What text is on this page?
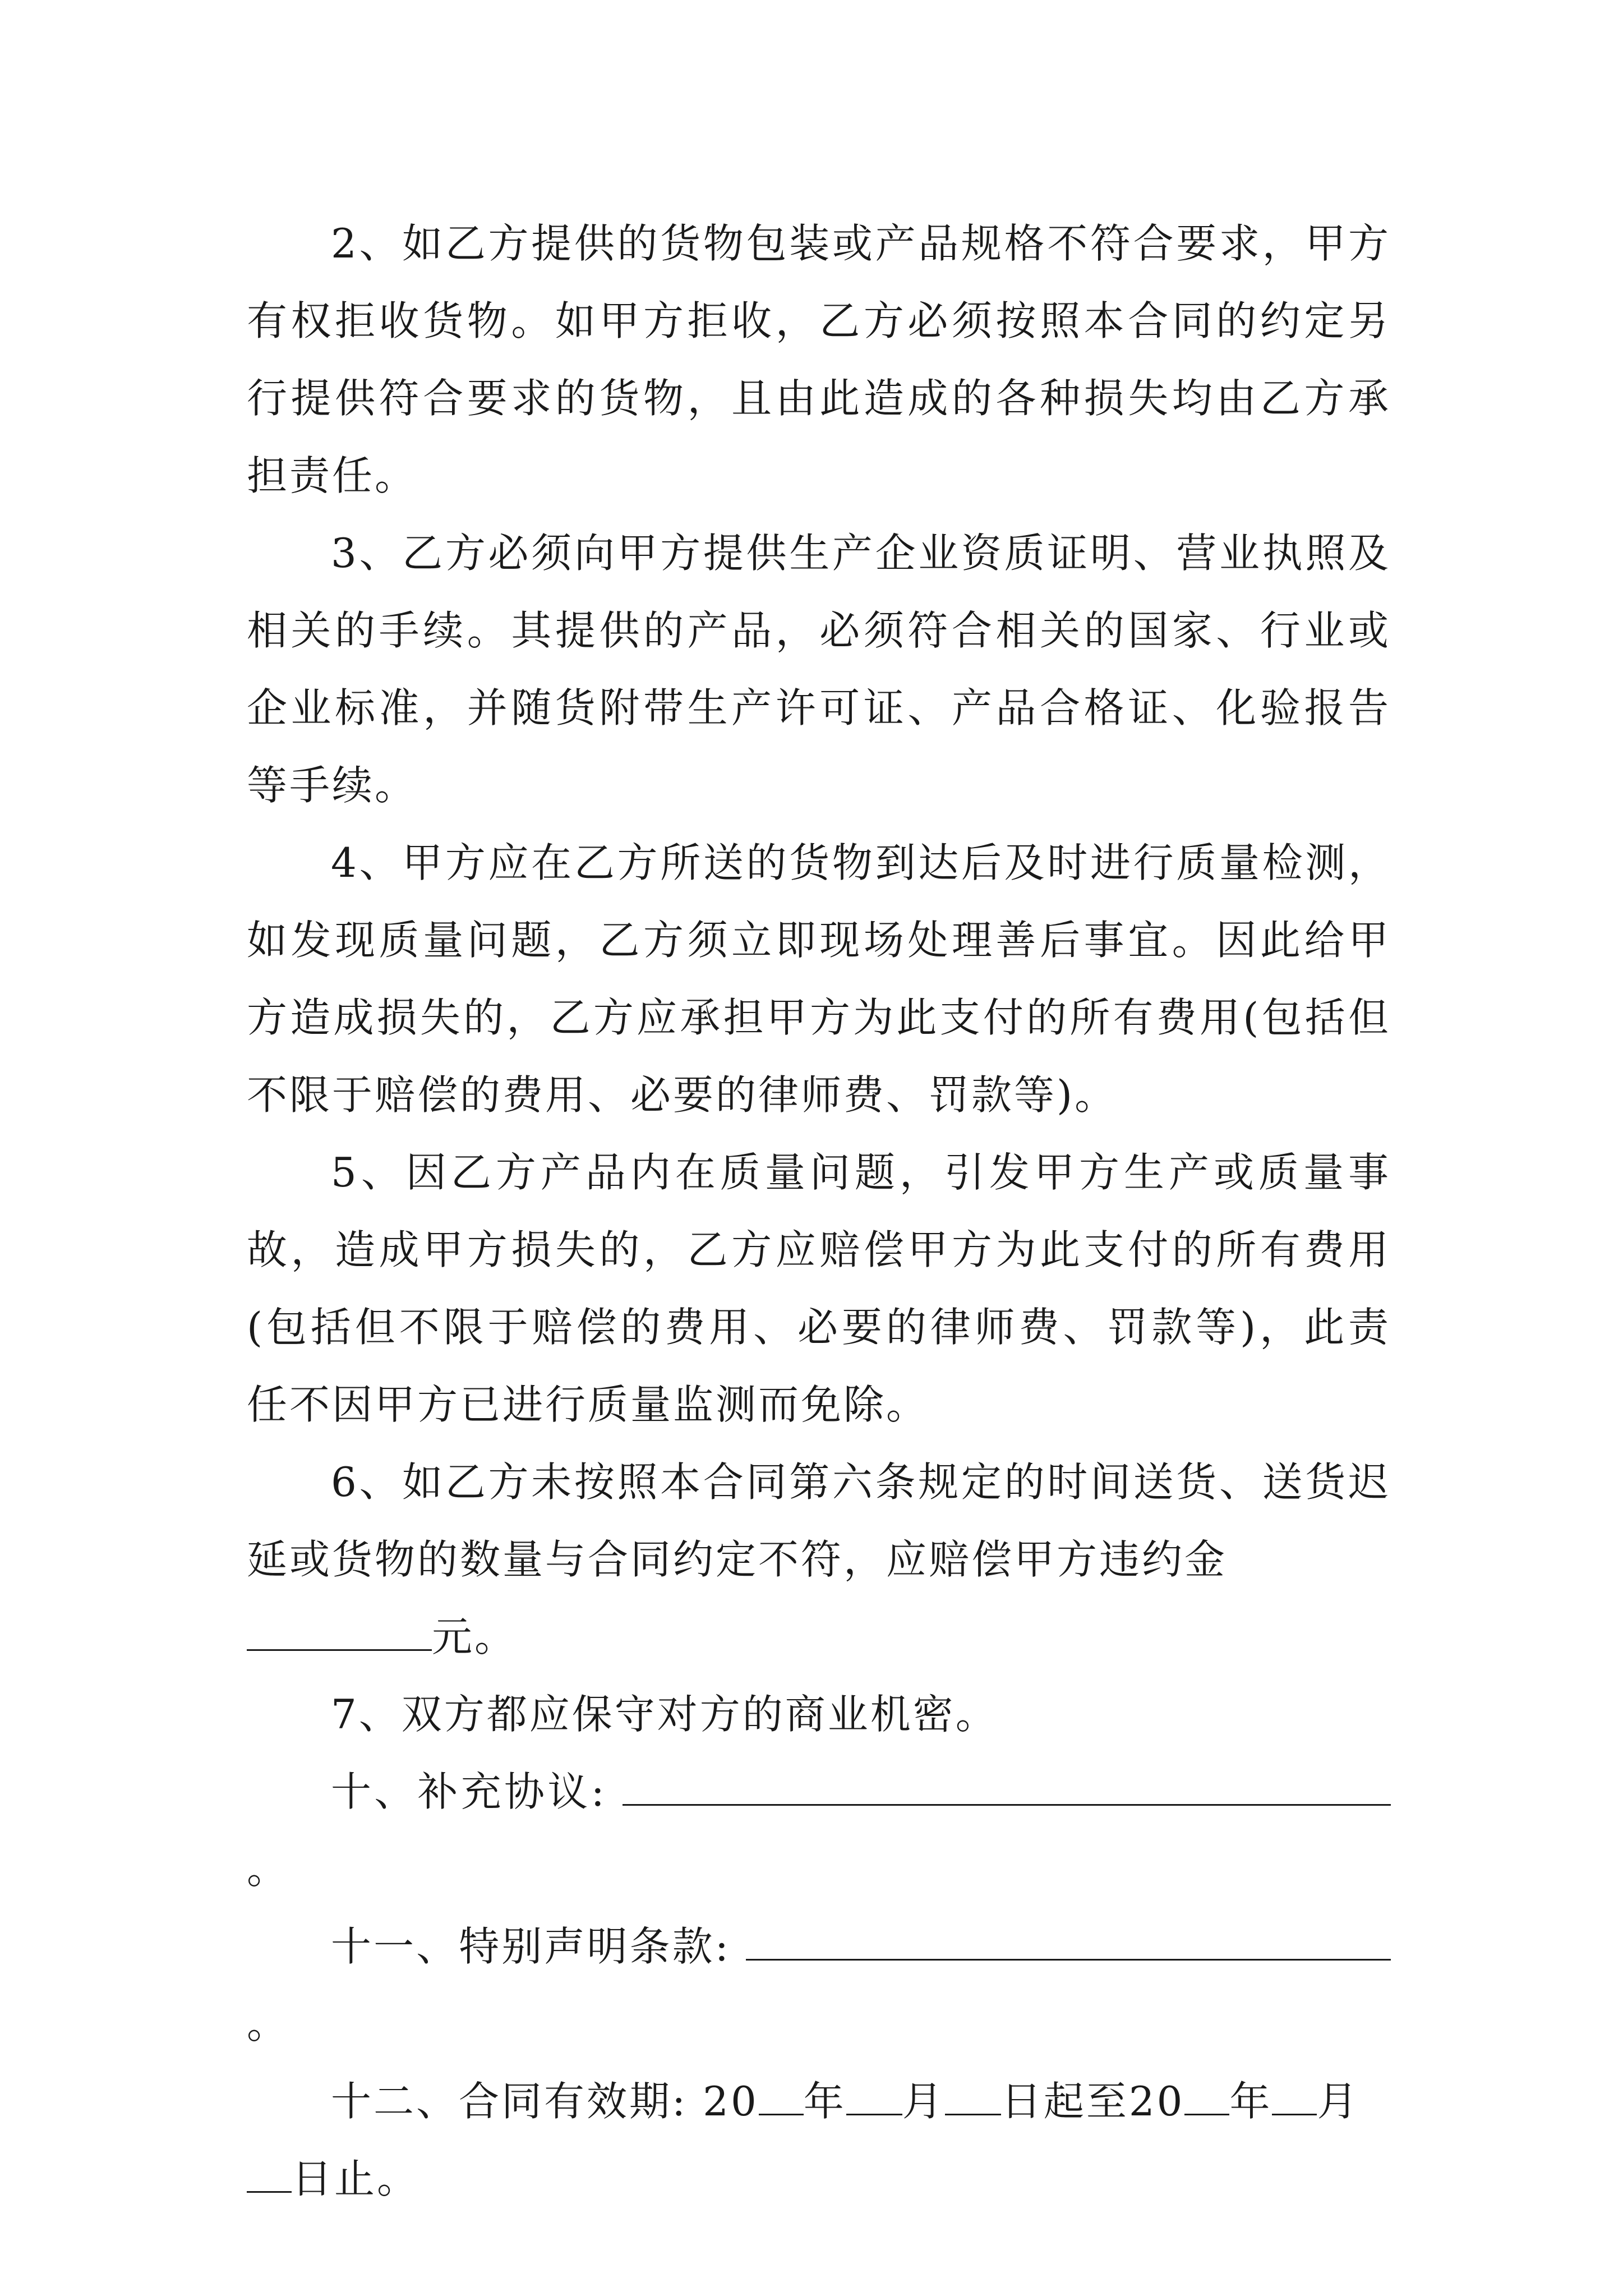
2、如乙方提供的货物包装或产品规格不符合要求，甲方有权拒收货物。如甲方拒收，乙方必须按照本合同的约定另行提供符合要求的货物，且由此造成的各种损失均由乙方承担责任。

3、乙方必须向甲方提供生产企业资质证明、营业执照及相关的手续。其提供的产品，必须符合相关的国家、行业或企业标准，并随货附带生产许可证、产品合格证、化验报告等手续。

4、甲方应在乙方所送的货物到达后及时进行质量检测，如发现质量问题，乙方须立即现场处理善后事宜。因此给甲方造成损失的，乙方应承担甲方为此支付的所有费用(包括但不限于赔偿的费用、必要的律师费、罚款等)。

5、因乙方产品内在质量问题，引发甲方生产或质量事故，造成甲方损失的，乙方应赔偿甲方为此支付的所有费用(包括但不限于赔偿的费用、必要的律师费、罚款等)，此责任不因甲方已进行质量监测而免除。

6、如乙方未按照本合同第六条规定的时间送货、送货迟延或货物的数量与合同约定不符，应赔偿甲方违约金
元。

7、双方都应保守对方的商业机密。

十、补充协议: 。

十一、特别声明条款: 。

十二、合同有效期: 20 年 月 日起至20 年 月
日止。
